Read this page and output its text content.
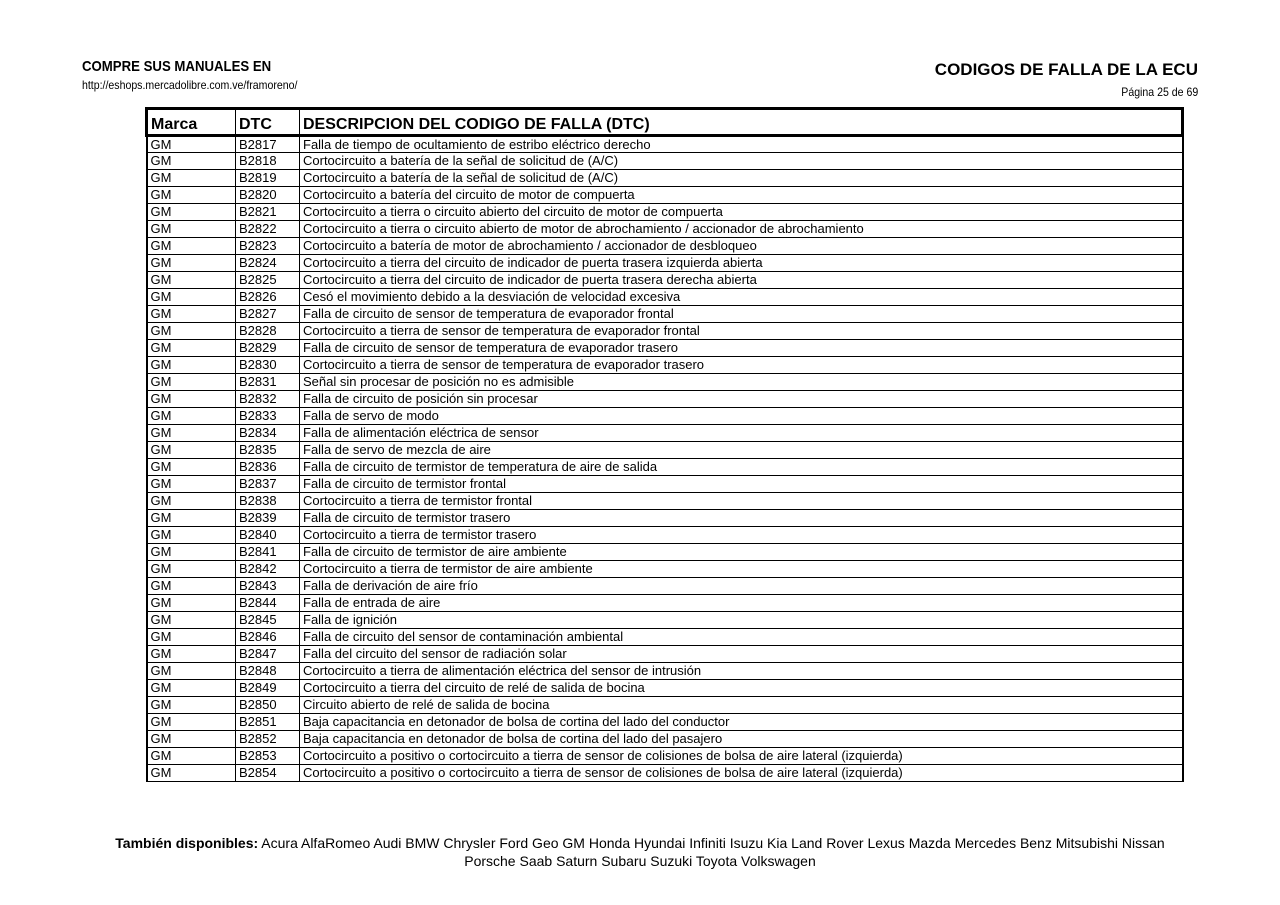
COMPRE SUS MANUALES EN
http://eshops.mercadolibre.com.ve/framoreno/
CODIGOS DE FALLA DE LA ECU
Página 25 de 69
Marca	DTC	DESCRIPCION DEL CODIGO DE FALLA (DTC)
GM	B2817	Falla de tiempo de ocultamiento de estribo eléctrico derecho
GM	B2818	Cortocircuito a batería de la señal de solicitud de (A/C)
GM	B2819	Cortocircuito a batería de la señal de solicitud de (A/C)
GM	B2820	Cortocircuito a batería del circuito de motor de compuerta
GM	B2821	Cortocircuito a tierra o circuito abierto del circuito de motor de compuerta
GM	B2822	Cortocircuito a tierra o circuito abierto de motor de abrochamiento / accionador de abrochamiento
GM	B2823	Cortocircuito a batería de motor de abrochamiento / accionador de desbloqueo
GM	B2824	Cortocircuito a tierra del circuito de indicador de puerta trasera izquierda abierta
GM	B2825	Cortocircuito a tierra del circuito de indicador de puerta trasera derecha abierta
GM	B2826	Cesó el movimiento debido a la desviación de velocidad excesiva
GM	B2827	Falla de circuito de sensor de temperatura de evaporador frontal
GM	B2828	Cortocircuito a tierra de sensor de temperatura de evaporador frontal
GM	B2829	Falla de circuito de sensor de temperatura de evaporador trasero
GM	B2830	Cortocircuito a tierra de sensor de temperatura de evaporador trasero
GM	B2831	Señal sin procesar de posición no es admisible
GM	B2832	Falla de circuito de posición sin procesar
GM	B2833	Falla de servo de modo
GM	B2834	Falla de alimentación eléctrica de sensor
GM	B2835	Falla de servo de mezcla de aire
GM	B2836	Falla de circuito de termistor de temperatura de aire de salida
GM	B2837	Falla de circuito de termistor frontal
GM	B2838	Cortocircuito a tierra de termistor frontal
GM	B2839	Falla de circuito de termistor trasero
GM	B2840	Cortocircuito a tierra de termistor trasero
GM	B2841	Falla de circuito de termistor de aire ambiente
GM	B2842	Cortocircuito a tierra de termistor de aire ambiente
GM	B2843	Falla de derivación de aire frío
GM	B2844	Falla de entrada de aire
GM	B2845	Falla de ignición
GM	B2846	Falla de circuito del sensor de contaminación ambiental
GM	B2847	Falla del circuito del sensor de radiación solar
GM	B2848	Cortocircuito a tierra de alimentación eléctrica del sensor de intrusión
GM	B2849	Cortocircuito a tierra del circuito de relé de salida de bocina
GM	B2850	Circuito abierto de relé de salida de bocina
GM	B2851	Baja capacitancia en detonador de bolsa de cortina del lado del conductor
GM	B2852	Baja capacitancia en detonador de bolsa de cortina del lado del pasajero
GM	B2853	Cortocircuito a positivo o cortocircuito a tierra de sensor de colisiones de bolsa de aire lateral (izquierda)
GM	B2854	Cortocircuito a positivo o cortocircuito a tierra de sensor de colisiones de bolsa de aire lateral (izquierda)
También disponibles: Acura AlfaRomeo Audi BMW Chrysler Ford Geo GM Honda Hyundai Infiniti Isuzu Kia Land Rover Lexus Mazda Mercedes Benz Mitsubishi Nissan
Porsche Saab Saturn Subaru Suzuki Toyota Volkswagen
